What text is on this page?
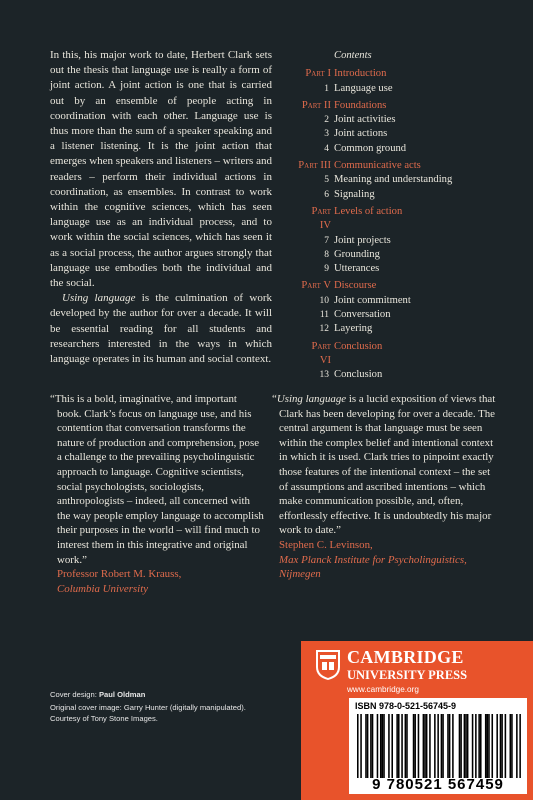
In this, his major work to date, Herbert Clark sets out the thesis that language use is really a form of joint action. A joint action is one that is carried out by an ensemble of people acting in coordination with each other. Language use is thus more than the sum of a speaker speaking and a listener listening. It is the joint action that emerges when speakers and listeners – writers and readers – perform their individual actions in coordination, as ensembles. In contrast to work within the cognitive sciences, which has seen language use as an individual process, and to work within the social sciences, which has seen it as a social process, the author argues strongly that language use embodies both the individual and the social.

Using language is the culmination of work developed by the author for over a decade. It will be essential reading for all students and researchers interested in the ways in which language operates in its human and social context.

Contents
Part I Introduction
1 Language use
Part II Foundations
2 Joint activities
3 Joint actions
4 Common ground
Part III Communicative acts
5 Meaning and understanding
6 Signaling
Part IV
Levels of action
7 Joint projects
8 Grounding
9 Utterances
Part V Discourse
10 Joint commitment
11 Conversation
12 Layering
Part VI
Conclusion
13 Conclusion

“This is a bold, imaginative, and important book. Clark’s focus on language use, and his contention that conversation transforms the nature of production and comprehension, pose a challenge to the prevailing psycholinguistic approach to language. Cognitive scientists, social psychologists, sociologists, anthropologists – indeed, all concerned with the way people employ language to accomplish their purposes in the world – will find much to interest them in this integrative and original work.”

Professor Robert M. Krauss,
Columbia University

“Using language is a lucid exposition of views that Clark has been developing for over a decade. The central argument is that language must be seen within the complex belief and intentional context in which it is used. Clark tries to pinpoint exactly those features of the intentional context – the set of assumptions and ascribed intentions – which make communication possible, and, often, effortlessly effective. It is undoubtedly his major work to date.”

Stephen C. Levinson,
Max Planck Institute for Psycholinguistics, Nijmegen
Cover design: Paul Oldman
Original cover image: Garry Hunter (digitally manipulated).
Courtesy of Tony Stone Images.
CAMBRIDGE
UNIVERSITY PRESS
www.cambridge.org
ISBN 978-0-521-56745-9
9 780521 567459
